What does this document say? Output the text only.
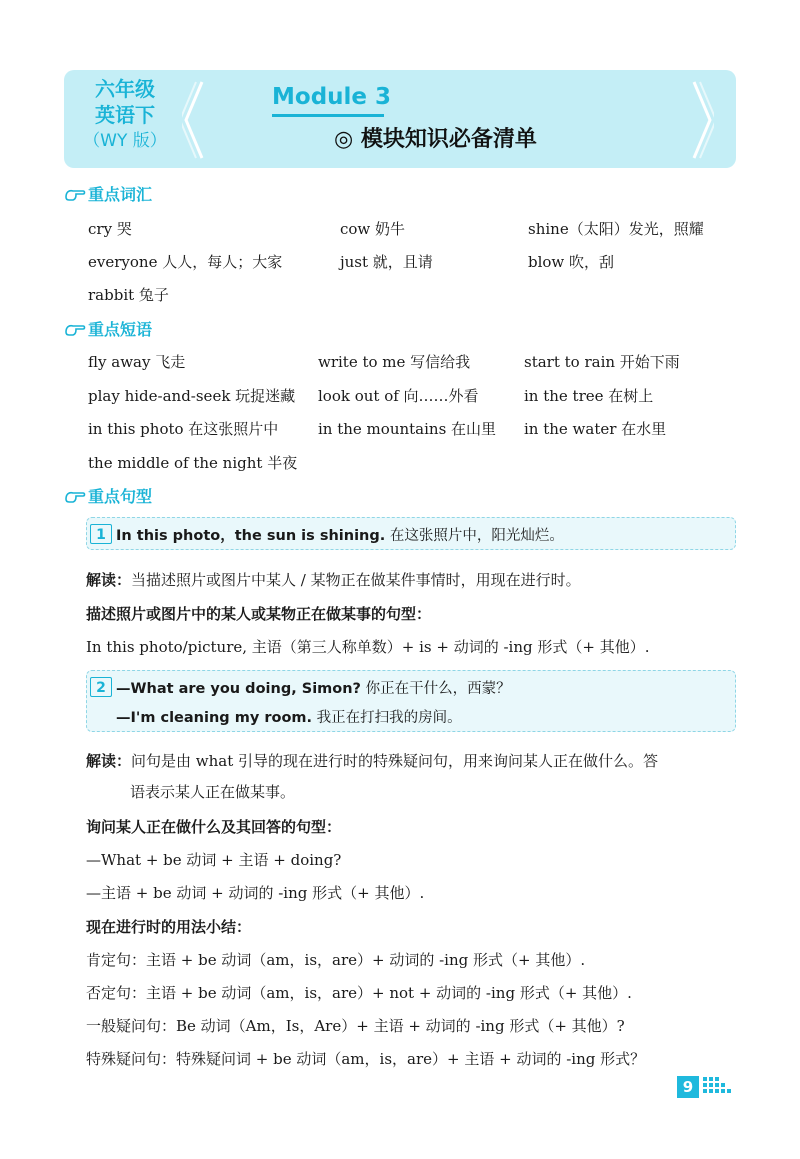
六年级
英语下
（WY 版）
Module 3
◎ 模块知识必备清单
重点词汇
cry 哭	cow 奶牛	shine（太阳）发光，照耀
everyone 人人，每人；大家	just 就，且请	blow 吹，刮
rabbit 兔子
重点短语
fly away 飞走	write to me 写信给我	start to rain 开始下雨
play hide-and-seek 玩捉迷藏 look out of 向……外看	in the tree 在树上
in this photo 在这张照片中	in the mountains 在山里 in the water 在水里
the middle of the night 半夜
重点句型
1 In this photo，the sun is shining. 在这张照片中，阳光灿烂。
解读：当描述照片或图片中某人 / 某物正在做某件事情时，用现在进行时。
描述照片或图片中的某人或某物正在做某事的句型：
In this photo/picture, 主语（第三人称单数）+ is + 动词的 -ing 形式（+ 其他）.
2 —What are you doing, Simon? 你正在干什么，西蒙？
—I'm cleaning my room. 我正在打扫我的房间。
解读：问句是由 what 引导的现在进行时的特殊疑问句，用来询问某人正在做什么。答
语表示某人正在做某事。
询问某人正在做什么及其回答的句型：
—What + be 动词 + 主语 + doing?
—主语 + be 动词 + 动词的 -ing 形式（+ 其他）.
现在进行时的用法小结：
肯定句：主语 + be 动词（am，is，are）+ 动词的 -ing 形式（+ 其他）.
否定句：主语 + be 动词（am，is，are）+ not + 动词的 -ing 形式（+ 其他）.
一般疑问句：Be 动词（Am，Is，Are）+ 主语 + 动词的 -ing 形式（+ 其他）?
特殊疑问句：特殊疑问词 + be 动词（am，is，are）+ 主语 + 动词的 -ing 形式？
9
